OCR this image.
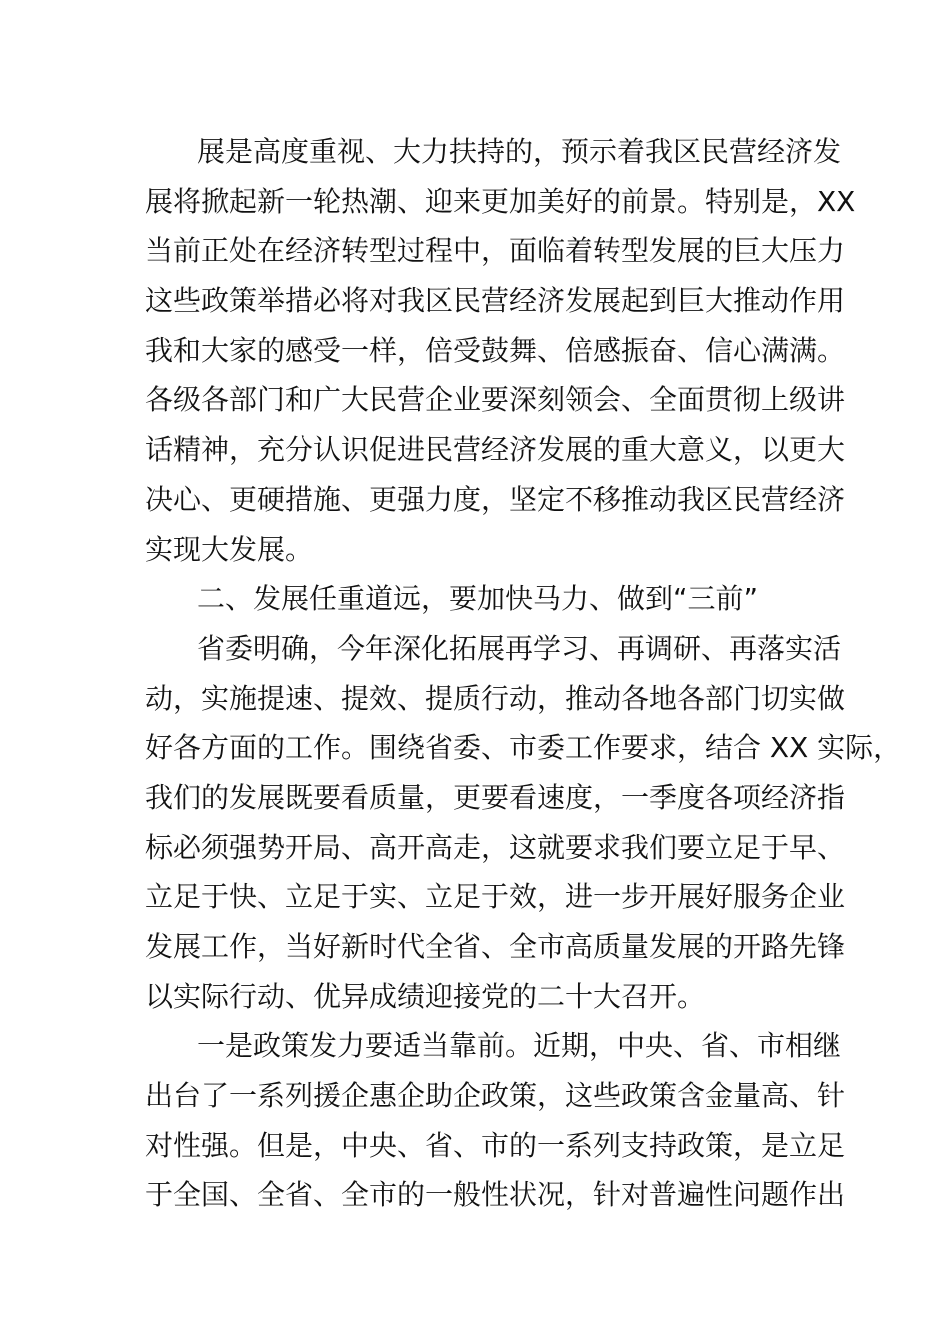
展是高度重视、大力扶持的，预示着我区民营经济发
展将掀起新一轮热潮、迎来更加美好的前景。特别是，XX
当前正处在经济转型过程中，面临着转型发展的巨大压力
这些政策举措必将对我区民营经济发展起到巨大推动作用
我和大家的感受一样，倍受鼓舞、倍感振奋、信心满满。
各级各部门和广大民营企业要深刻领会、全面贯彻上级讲
话精神，充分认识促进民营经济发展的重大意义，以更大
决心、更硬措施、更强力度，坚定不移推动我区民营经济
实现大发展。
二、发展任重道远，要加快马力、做到“三前”
省委明确，今年深化拓展再学习、再调研、再落实活
动，实施提速、提效、提质行动，推动各地各部门切实做
好各方面的工作。围绕省委、市委工作要求，结合 XX 实际，
我们的发展既要看质量，更要看速度，一季度各项经济指
标必须强势开局、高开高走，这就要求我们要立足于早、
立足于快、立足于实、立足于效，进一步开展好服务企业
发展工作，当好新时代全省、全市高质量发展的开路先锋
以实际行动、优异成绩迎接党的二十大召开。
一是政策发力要适当靠前。近期，中央、省、市相继
出台了一系列援企惠企助企政策，这些政策含金量高、针
对性强。但是，中央、省、市的一系列支持政策，是立足
于全国、全省、全市的一般性状况，针对普遍性问题作出
